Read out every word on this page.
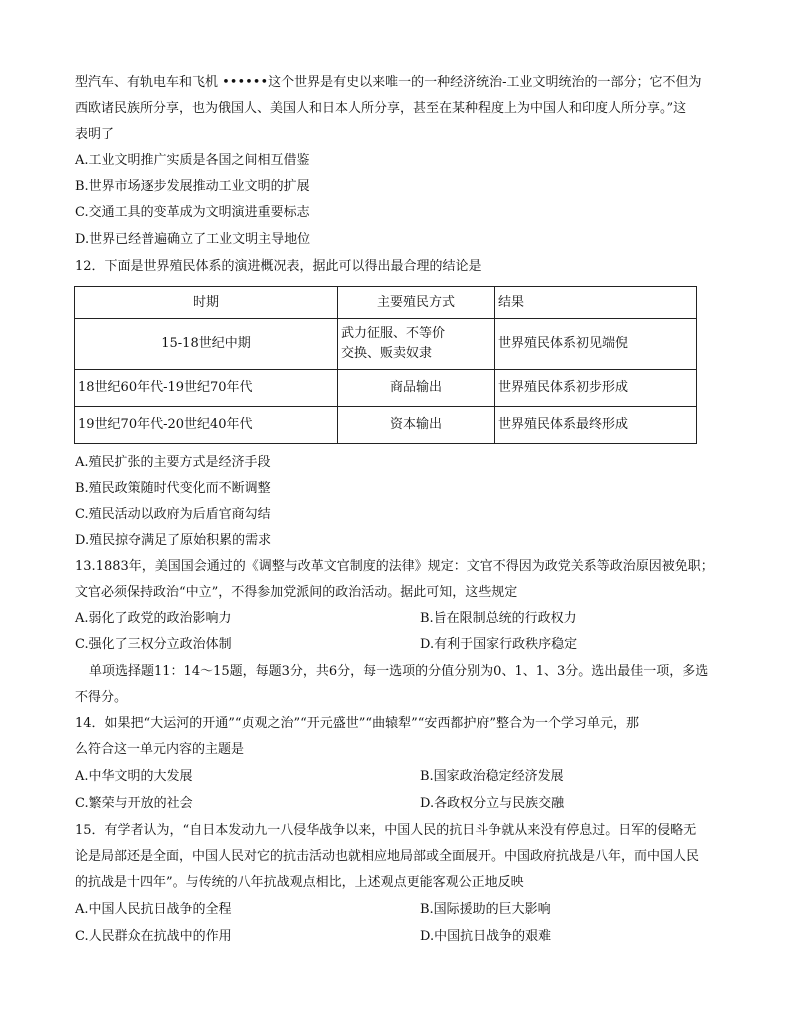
型汽车、有轨电车和飞机 ••••••这个世界是有史以来唯一的一种经济统治-工业文明统治的一部分；它不但为
西欧诸民族所分享，也为俄国人、美国人和日本人所分享，甚至在某种程度上为中国人和印度人所分享。”这
表明了
A.工业文明推广实质是各国之间相互借鉴
B.世界市场逐步发展推动工业文明的扩展
C.交通工具的变革成为文明演进重要标志
D.世界已经普遍确立了工业文明主导地位
12．下面是世界殖民体系的演进概况表，据此可以得出最合理的结论是
时期	主要殖民方式	结果
15-18世纪中期	武力征服、不等价
交换、贩卖奴隶	世界殖民体系初见端倪
18世纪60年代-19世纪70年代	商品输出	世界殖民体系初步形成
19世纪70年代-20世纪40年代	资本输出	世界殖民体系最终形成
A.殖民扩张的主要方式是经济手段
B.殖民政策随时代变化而不断调整
C.殖民活动以政府为后盾官商勾结
D.殖民掠夺满足了原始积累的需求
13.1883年，美国国会通过的《调整与改革文官制度的法律》规定：文官不得因为政党关系等政治原因被免职；
文官必须保持政治“中立”，不得参加党派间的政治活动。据此可知，这些规定
A.弱化了政党的政治影响力	B.旨在限制总统的行政权力
C.强化了三权分立政治体制	D.有利于国家行政秩序稳定
单项选择题11：14～15题，每题3分，共6分，每一选项的分值分别为0、1、1、3分。选出最佳一项，多选
不得分。
14．如果把“大运河的开通”“贞观之治”“开元盛世”“曲辕犁”“安西都护府”整合为一个学习单元，那
么符合这一单元内容的主题是
A.中华文明的大发展	B.国家政治稳定经济发展
C.繁荣与开放的社会	D.各政权分立与民族交融
15．有学者认为，“自日本发动九一八侵华战争以来，中国人民的抗日斗争就从来没有停息过。日军的侵略无
论是局部还是全面，中国人民对它的抗击活动也就相应地局部或全面展开。中国政府抗战是八年，而中国人民
的抗战是十四年”。与传统的八年抗战观点相比，上述观点更能客观公正地反映
A.中国人民抗日战争的全程	B.国际援助的巨大影响
C.人民群众在抗战中的作用	D.中国抗日战争的艰难
